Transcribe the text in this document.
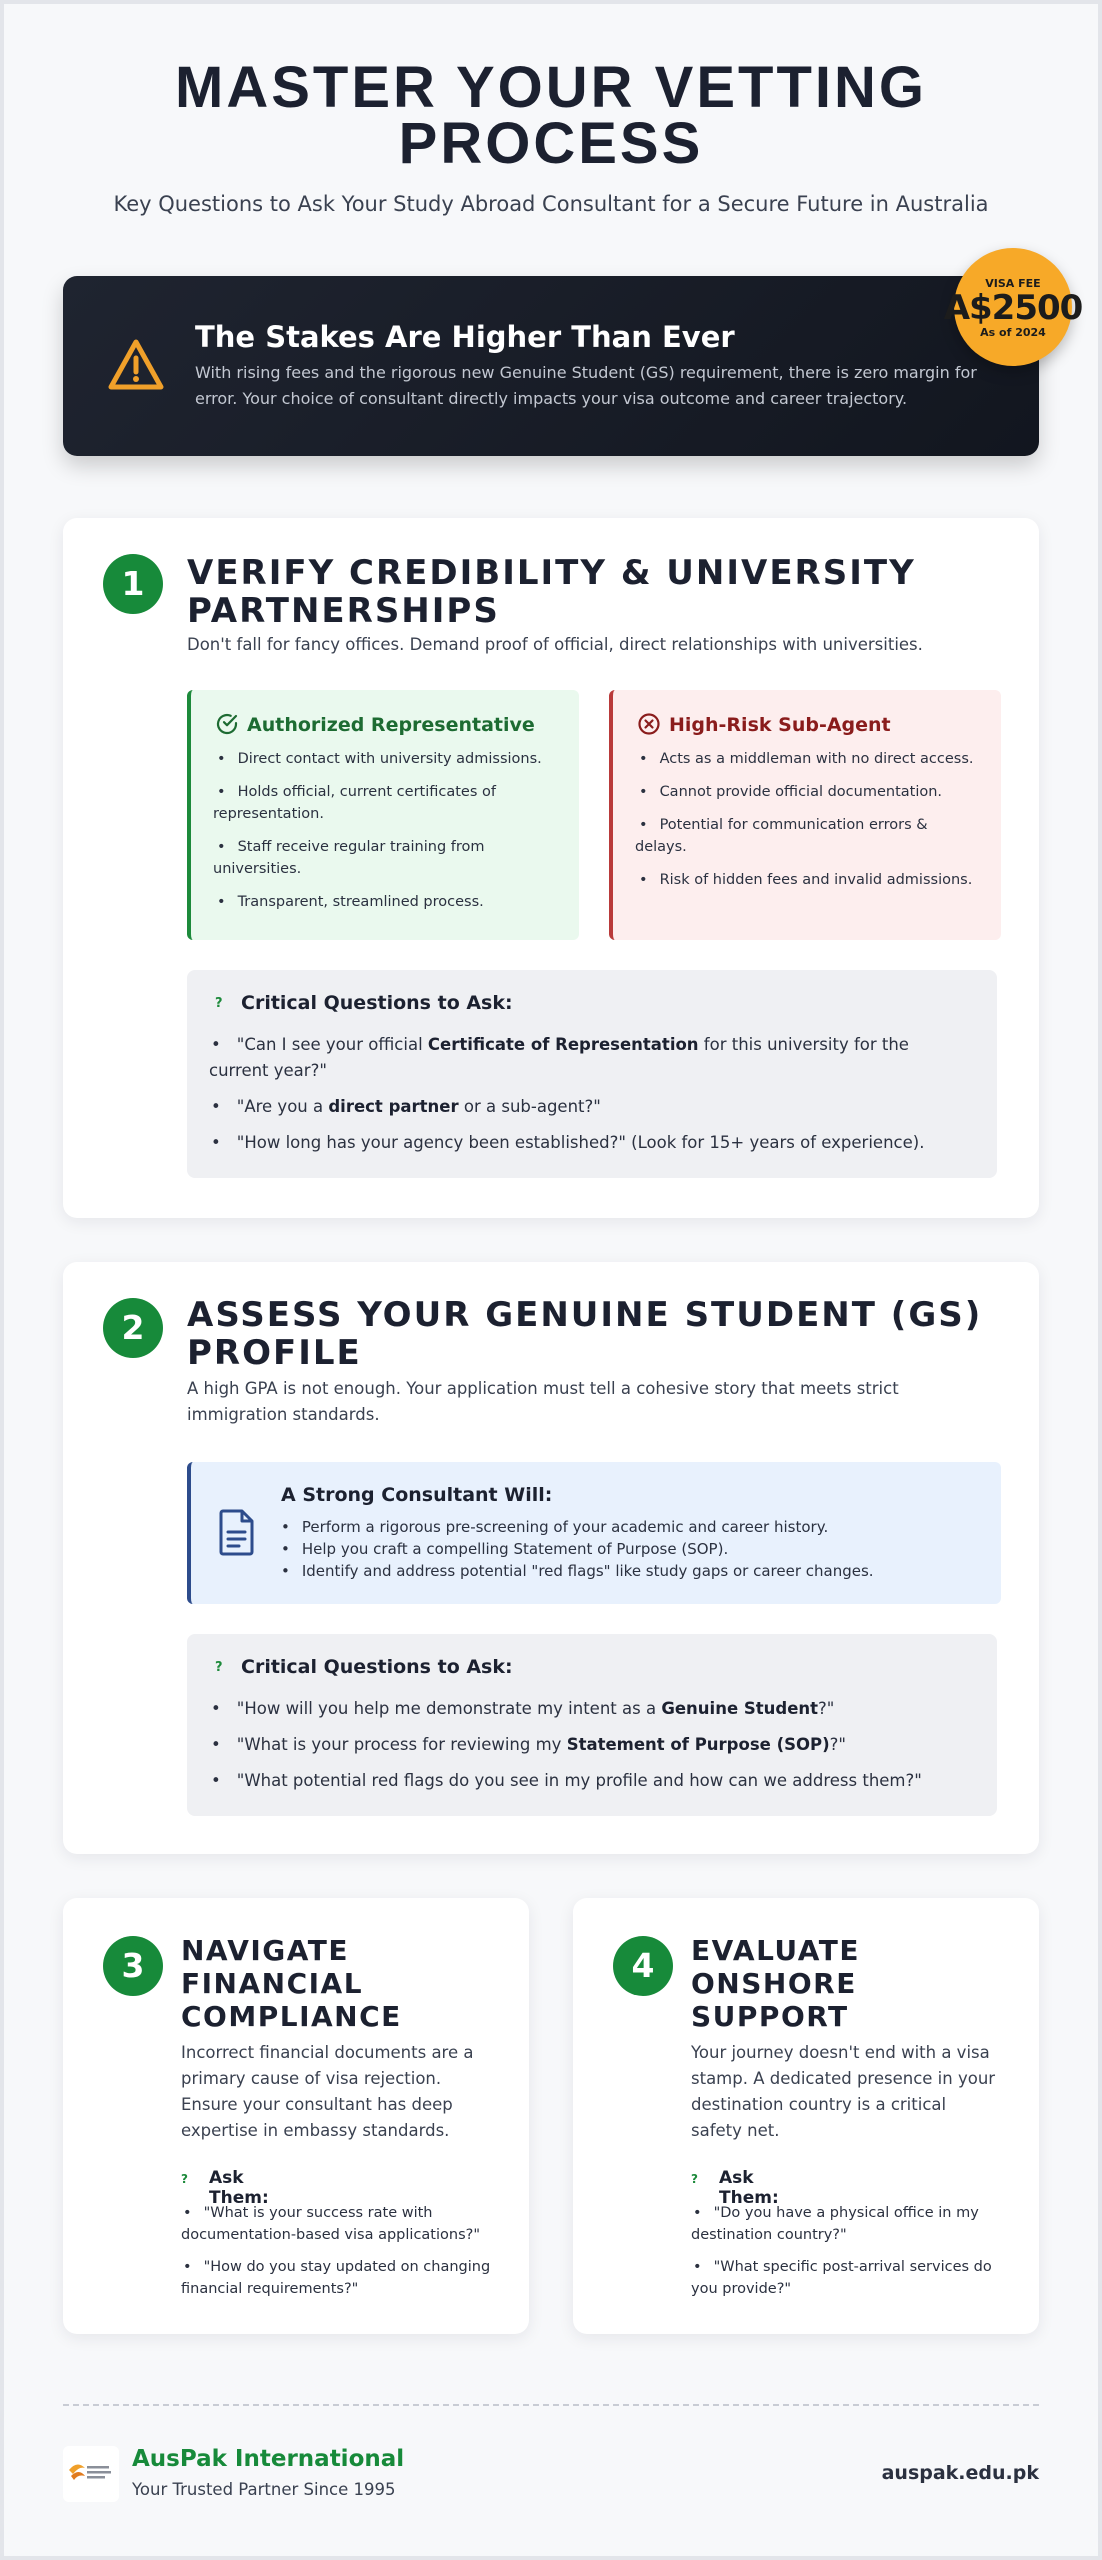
MASTER YOUR VETTING
PROCESS
Key Questions to Ask Your Study Abroad Consultant for a Secure Future in Australia
The Stakes Are Higher Than Ever
With rising fees and the rigorous new Genuine Student (GS) requirement, there is zero margin for error. Your choice of consultant directly impacts your visa outcome and career trajectory.
VISA FEE
A$2500
As of 2024
1	VERIFY CREDIBILITY & UNIVERSITY
PARTNERSHIPS
Don't fall for fancy offices. Demand proof of official, direct relationships with universities.
Authorized Representative
• Direct contact with university admissions.
• Holds official, current certificates of representation.
• Staff receive regular training from universities.
• Transparent, streamlined process.
High-Risk Sub-Agent
• Acts as a middleman with no direct access.
• Cannot provide official documentation.
• Potential for communication errors & delays.
• Risk of hidden fees and invalid admissions.
? Critical Questions to Ask:
• "Can I see your official Certificate of Representation for this university for the current year?"
• "Are you a direct partner or a sub-agent?"
• "How long has your agency been established?" (Look for 15+ years of experience).
2	ASSESS YOUR GENUINE STUDENT (GS)
PROFILE
A high GPA is not enough. Your application must tell a cohesive story that meets strict immigration standards.
A Strong Consultant Will:
• Perform a rigorous pre-screening of your academic and career history.
• Help you craft a compelling Statement of Purpose (SOP).
• Identify and address potential "red flags" like study gaps or career changes.
? Critical Questions to Ask:
• "How will you help me demonstrate my intent as a Genuine Student?"
• "What is your process for reviewing my Statement of Purpose (SOP)?"
• "What potential red flags do you see in my profile and how can we address them?"
3	NAVIGATE
FINANCIAL
COMPLIANCE
Incorrect financial documents are a primary cause of visa rejection. Ensure your consultant has deep expertise in embassy standards.
? Ask Them:
• "What is your success rate with documentation-based visa applications?"
• "How do you stay updated on changing financial requirements?"
4	EVALUATE
ONSHORE
SUPPORT
Your journey doesn't end with a visa stamp. A dedicated presence in your destination country is a critical safety net.
? Ask Them:
• "Do you have a physical office in my destination country?"
• "What specific post-arrival services do you provide?"
AusPak International
Your Trusted Partner Since 1995
auspak.edu.pk
